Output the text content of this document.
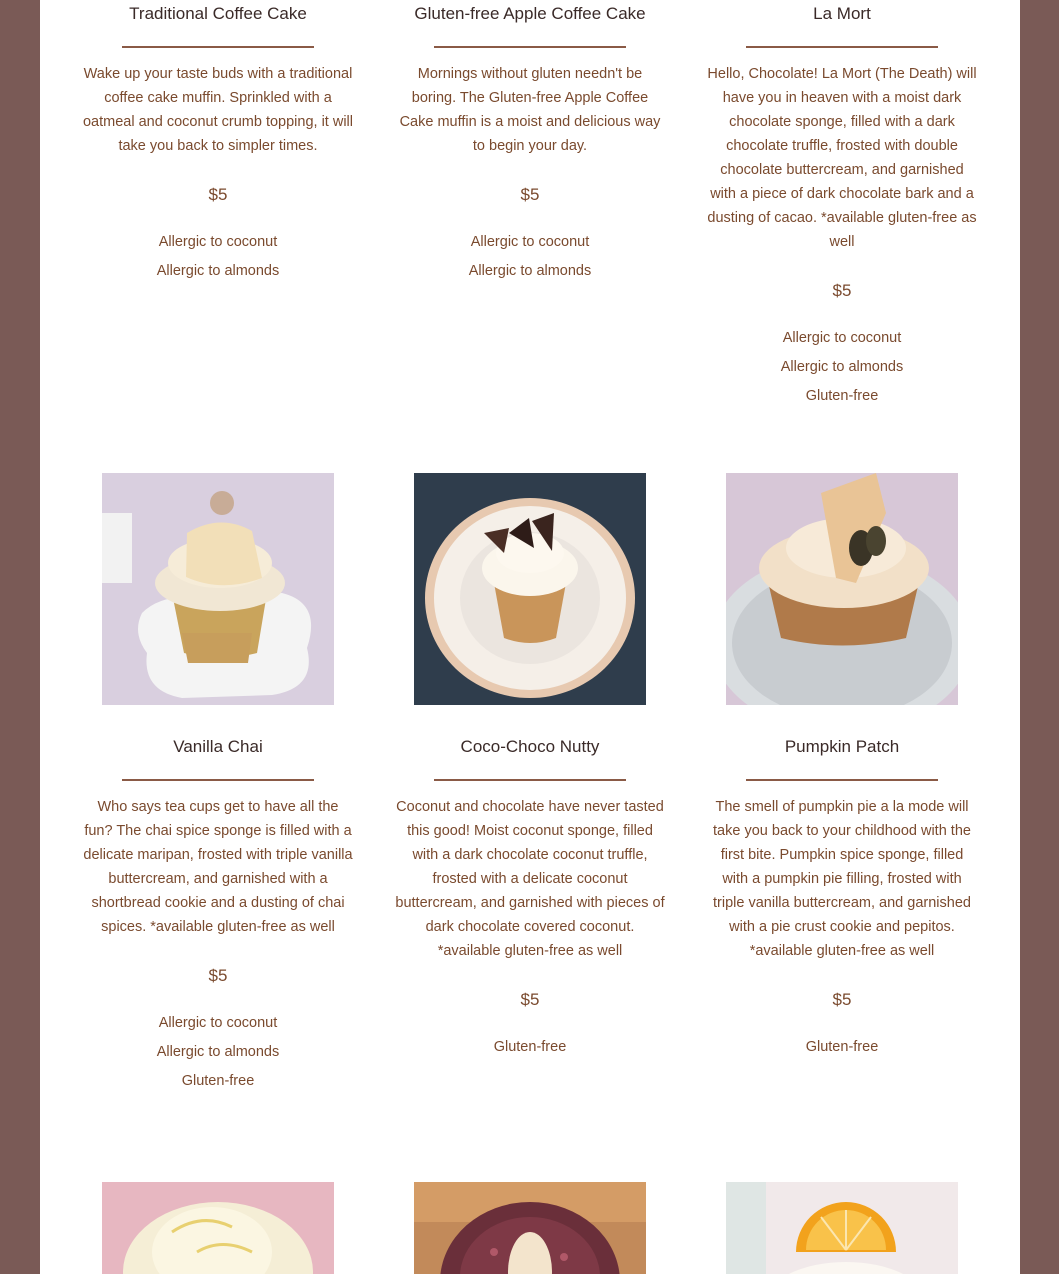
Traditional Coffee Cake
Wake up your taste buds with a traditional coffee cake muffin. Sprinkled with a oatmeal and coconut crumb topping, it will take you back to simpler times.
$5
Allergic to coconut
Allergic to almonds
Gluten-free Apple Coffee Cake
Mornings without gluten needn't be boring. The Gluten-free Apple Coffee Cake muffin is a moist and delicious way to begin your day.
$5
Allergic to coconut
Allergic to almonds
La Mort
Hello, Chocolate! La Mort (The Death) will have you in heaven with a moist dark chocolate sponge, filled with a dark chocolate truffle, frosted with double chocolate buttercream, and garnished with a piece of dark chocolate bark and a dusting of cacao. *available gluten-free as well
$5
Allergic to coconut
Allergic to almonds
Gluten-free
Vanilla Chai
Who says tea cups get to have all the fun? The chai spice sponge is filled with a delicate maripan, frosted with triple vanilla buttercream, and garnished with a shortbread cookie and a dusting of chai spices. *available gluten-free as well
$5
Allergic to coconut
Allergic to almonds
Gluten-free
Coco-Choco Nutty
Coconut and chocolate have never tasted this good! Moist coconut sponge, filled with a dark chocolate coconut truffle, frosted with a delicate coconut buttercream, and garnished with pieces of dark chocolate covered coconut. *available gluten-free as well
$5
Gluten-free
Pumpkin Patch
The smell of pumpkin pie a la mode will take you back to your childhood with the first bite. Pumpkin spice sponge, filled with a pumpkin pie filling, frosted with triple vanilla buttercream, and garnished with a pie crust cookie and pepitos. *available gluten-free as well
$5
Gluten-free
